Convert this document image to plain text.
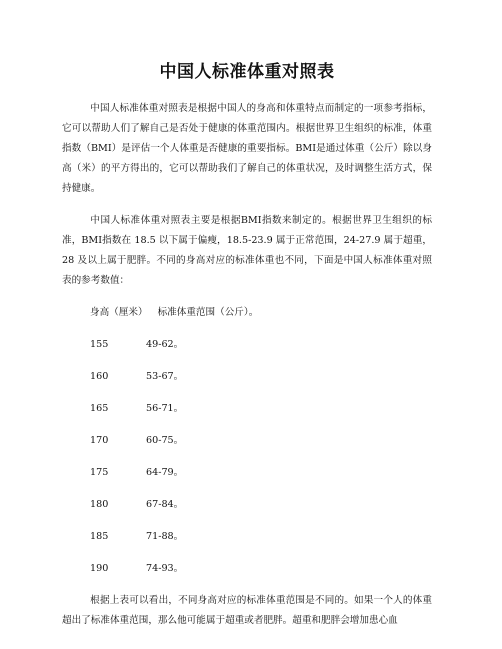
中国人标准体重对照表

中国人标准体重对照表是根据中国人的身高和体重特点而制定的一项参考指标，它可以帮助人们了解自己是否处于健康的体重范围内。根据世界卫生组织的标准，体重指数（BMI）是评估一个人体重是否健康的重要指标。BMI是通过体重（公斤）除以身高（米）的平方得出的，它可以帮助我们了解自己的体重状况，及时调整生活方式，保持健康。

中国人标准体重对照表主要是根据BMI指数来制定的。根据世界卫生组织的标准，BMI指数在 18.5 以下属于偏瘦，18.5-23.9 属于正常范围，24-27.9 属于超重，28 及以上属于肥胖。不同的身高对应的标准体重也不同，下面是中国人标准体重对照表的参考数值：

身高（厘米） 标准体重范围（公斤）。
155	49-62。
160	53-67。
165	56-71。
170	60-75。
175	64-79。
180	67-84。
185	71-88。
190	74-93。

根据上表可以看出，不同身高对应的标准体重范围是不同的。如果一个人的体重超出了标准体重范围，那么他可能属于超重或者肥胖。超重和肥胖会增加患心血
